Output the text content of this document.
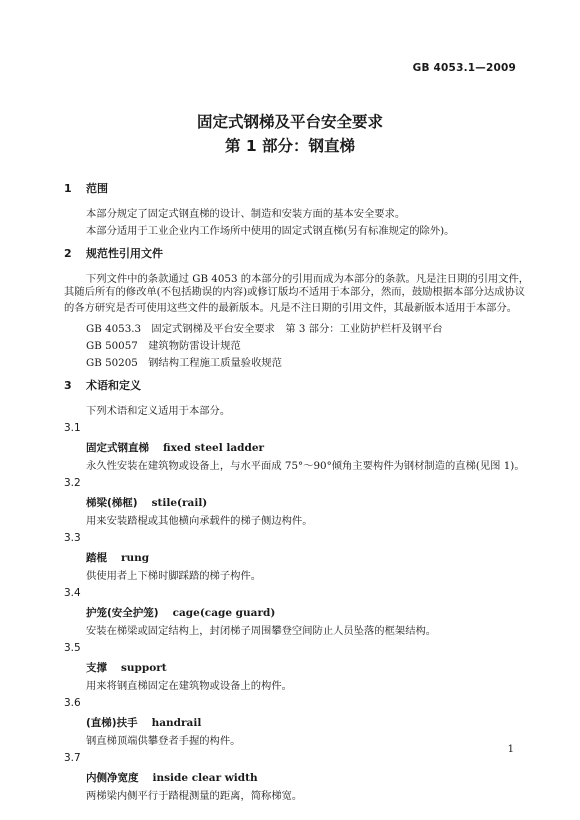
GB 4053.1—2009
固定式钢梯及平台安全要求
第 1 部分：钢直梯
1 范围
本部分规定了固定式钢直梯的设计、制造和安装方面的基本安全要求。
本部分适用于工业企业内工作场所中使用的固定式钢直梯(另有标准规定的除外)。
2 规范性引用文件
下列文件中的条款通过 GB 4053 的本部分的引用而成为本部分的条款。凡是注日期的引用文件，
其随后所有的修改单(不包括勘误的内容)或修订版均不适用于本部分，然而，鼓励根据本部分达成协议
的各方研究是否可使用这些文件的最新版本。凡是不注日期的引用文件，其最新版本适用于本部分。
GB 4053.3　固定式钢梯及平台安全要求　第 3 部分：工业防护栏杆及钢平台
GB 50057　建筑物防雷设计规范
GB 50205　钢结构工程施工质量验收规范
3 术语和定义
下列术语和定义适用于本部分。
3.1
固定式钢直梯 fixed steel ladder
永久性安装在建筑物或设备上，与水平面成 75°～90°倾角主要构件为钢材制造的直梯(见图 1)。
3.2
梯梁(梯框) stile(rail)
用来安装踏棍或其他横向承载件的梯子侧边构件。
3.3
踏棍 rung
供使用者上下梯时脚踩踏的梯子构件。
3.4
护笼(安全护笼) cage(cage guard)
安装在梯梁或固定结构上，封闭梯子周围攀登空间防止人员坠落的框架结构。
3.5
支撑 support
用来将钢直梯固定在建筑物或设备上的构件。
3.6
(直梯)扶手 handrail
钢直梯顶端供攀登者手握的构件。
3.7
内侧净宽度 inside clear width
两梯梁内侧平行于踏棍测量的距离，简称梯宽。
1
